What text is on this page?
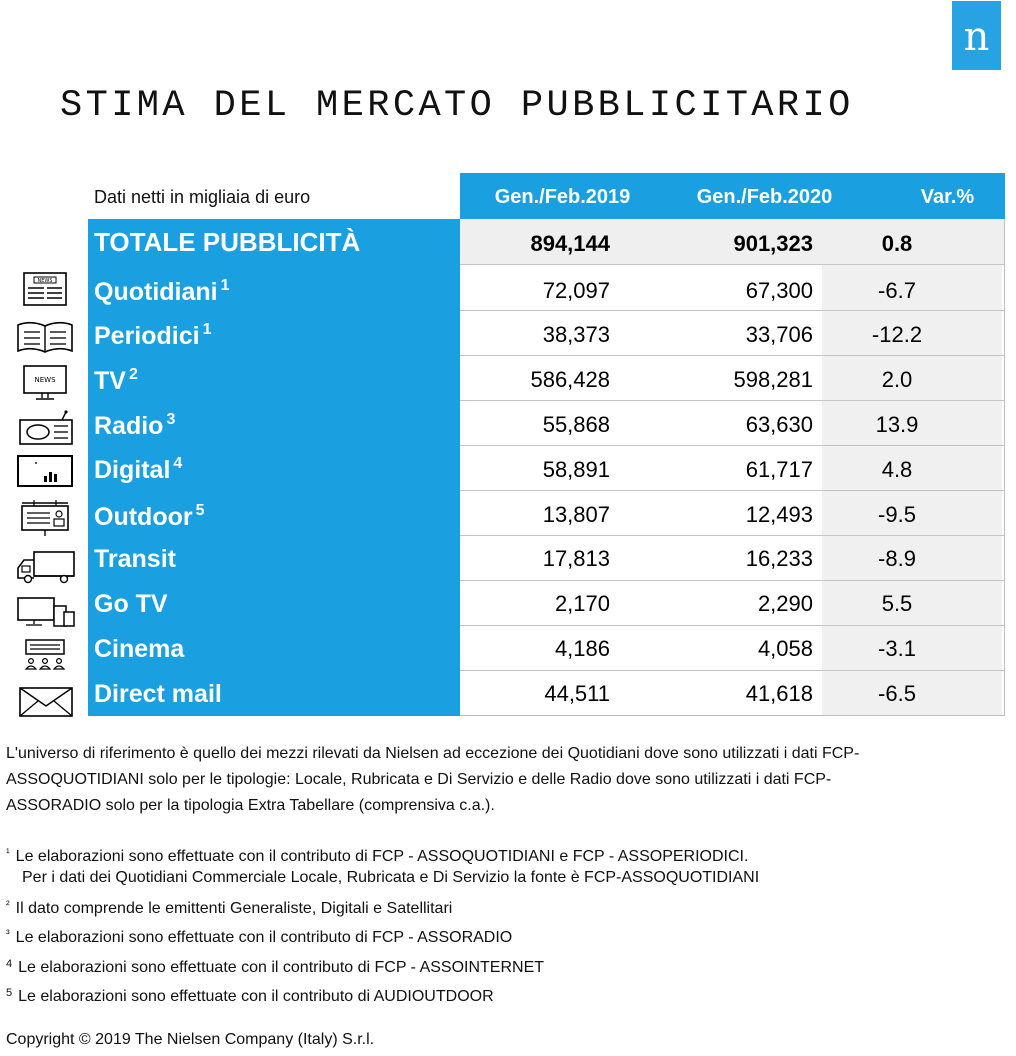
n
STIMA DEL MERCATO PUBBLICITARIO
Dati netti in migliaia di euro	Gen./Feb.2019	Gen./Feb.2020	Var.%
TOTALE PUBBLICITÀ	894,144	901,323	0.8
NEWS Quotidiani $^1$	72,097	67,300	-6.7
Periodici $^1$	38,373	33,706	-12.2
NEWS TV $^2$	586,428	598,281	2.0
Radio $^3$	55,868	63,630	13.9
Digital $^4$	58,891	61,717	4.8
Outdoor $^5$	13,807	12,493	-9.5
Transit	17,813	16,233	-8.9
Go TV	2,170	2,290	5.5
Cinema	4,186	4,058	-3.1
Direct mail	44,511	41,618	-6.5
L'universo di riferimento è quello dei mezzi rilevati da Nielsen ad eccezione dei Quotidiani dove sono utilizzati i dati FCP-
ASSOQUOTIDIANI solo per le tipologie: Locale, Rubricata e Di Servizio e delle Radio dove sono utilizzati i dati FCP-
ASSORADIO solo per la tipologia Extra Tabellare (comprensiva c.a.).
$^{^1}$ Le elaborazioni sono effettuate con il contributo di FCP - ASSOQUOTIDIANI e FCP - ASSOPERIODICI.
Per i dati dei Quotidiani Commerciale Locale, Rubricata e Di Servizio la fonte è FCP-ASSOQUOTIDIANI
$^{^2}$ Il dato comprende le emittenti Generaliste, Digitali e Satellitari
$^{^3}$ Le elaborazioni sono effettuate con il contributo di FCP - ASSORADIO
$^4$ Le elaborazioni sono effettuate con il contributo di FCP - ASSOINTERNET
$^5$ Le elaborazioni sono effettuate con il contributo di AUDIOUTDOOR
Copyright © 2019 The Nielsen Company (Italy) S.r.l.
